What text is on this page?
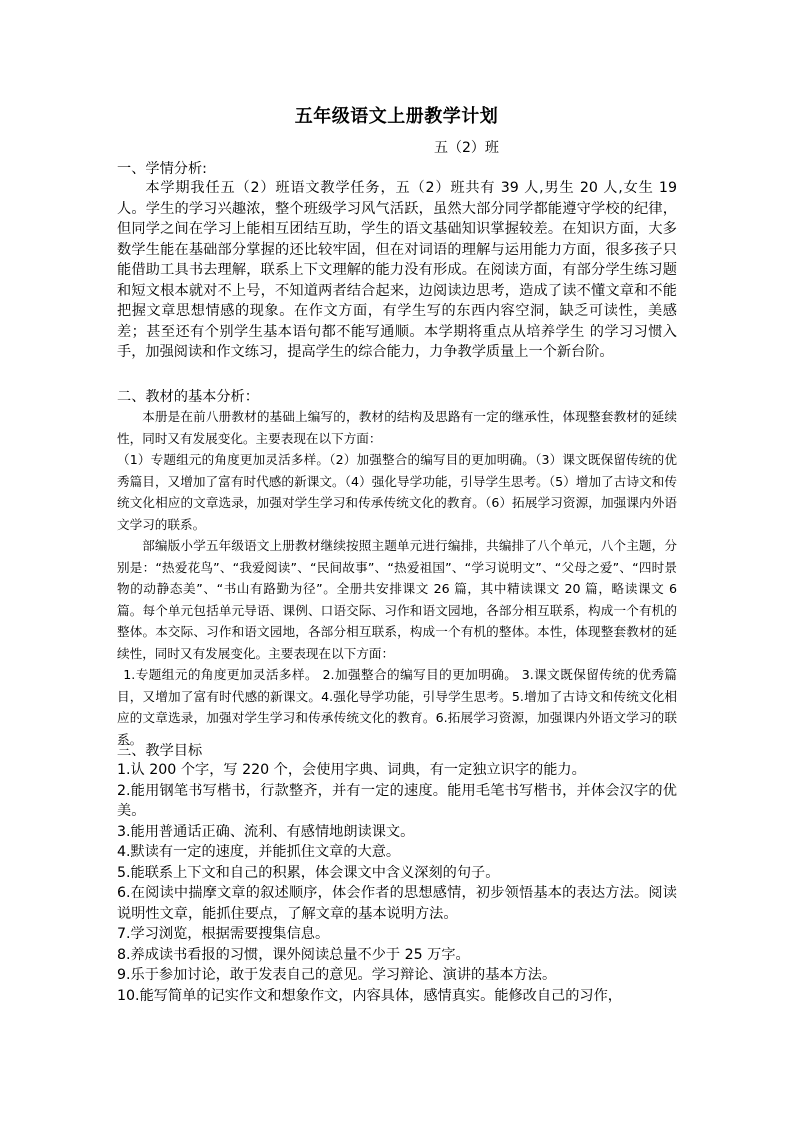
五年级语文上册教学计划
五（2）班

一、学情分析:

本学期我任五（2）班语文教学任务，五（2）班共有 39 人,男生 20 人,女生 19 人。学生的学习兴趣浓，整个班级学习风气活跃，虽然大部分同学都能遵守学校的纪律，但同学之间在学习上能相互团结互助，学生的语文基础知识掌握较差。在知识方面，大多数学生能在基础部分掌握的还比较牢固，但在对词语的理解与运用能力方面，很多孩子只能借助工具书去理解，联系上下文理解的能力没有形成。在阅读方面，有部分学生练习题和短文根本就对不上号，不知道两者结合起来，边阅读边思考，造成了读不懂文章和不能把握文章思想情感的现象。在作文方面，有学生写的东西内容空洞，缺乏可读性，美感差；甚至还有个别学生基本语句都不能写通顺。本学期将重点从培养学生 的学习习惯入手，加强阅读和作文练习，提高学生的综合能力，力争教学质量上一个新台阶。

二、教材的基本分析：

本册是在前八册教材的基础上编写的，教材的结构及思路有一定的继承性，体现整套教材的延续性，同时又有发展变化。主要表现在以下方面：

（1）专题组元的角度更加灵活多样。（2）加强整合的编写目的更加明确。（3）课文既保留传统的优秀篇目，又增加了富有时代感的新课文。（4）强化导学功能，引导学生思考。（5）增加了古诗文和传统文化相应的文章选录，加强对学生学习和传承传统文化的教育。（6）拓展学习资源，加强课内外语文学习的联系。

部编版小学五年级语文上册教材继续按照主题单元进行编排，共编排了八个单元，八个主题，分别是：“热爱花鸟”、“我爱阅读”、“民间故事”、“热爱祖国”、“学习说明文”、“父母之爱”、“四时景物的动静态美”、“书山有路勤为径”。全册共安排课文 26 篇，其中精读课文 20 篇，略读课文 6 篇。每个单元包括单元导语、课例、口语交际、习作和语文园地，各部分相互联系，构成一个有机的整体。本交际、习作和语文园地，各部分相互联系，构成一个有机的整体。本性，体现整套教材的延续性，同时又有发展变化。主要表现在以下方面：

1.专题组元的角度更加灵活多样。 2.加强整合的编写目的更加明确。 3.课文既保留传统的优秀篇目，又增加了富有时代感的新课文。4.强化导学功能，引导学生思考。5.增加了古诗文和传统文化相应的文章选录，加强对学生学习和传承传统文化的教育。6.拓展学习资源，加强课内外语文学习的联系。

三、教学目标

1.认 200 个字，写 220 个，会使用字典、词典，有一定独立识字的能力。

2.能用钢笔书写楷书，行款整齐，并有一定的速度。能用毛笔书写楷书，并体会汉字的优美。

3.能用普通话正确、流利、有感情地朗读课文。

4.默读有一定的速度，并能抓住文章的大意。

5.能联系上下文和自己的积累，体会课文中含义深刻的句子。

6.在阅读中揣摩文章的叙述顺序，体会作者的思想感情，初步领悟基本的表达方法。阅读说明性文章，能抓住要点，了解文章的基本说明方法。

7.学习浏览，根据需要搜集信息。

8.养成读书看报的习惯，课外阅读总量不少于 25 万字。

9.乐于参加讨论，敢于发表自己的意见。学习辩论、演讲的基本方法。

10.能写简单的记实作文和想象作文，内容具体，感情真实。能修改自己的习作，
